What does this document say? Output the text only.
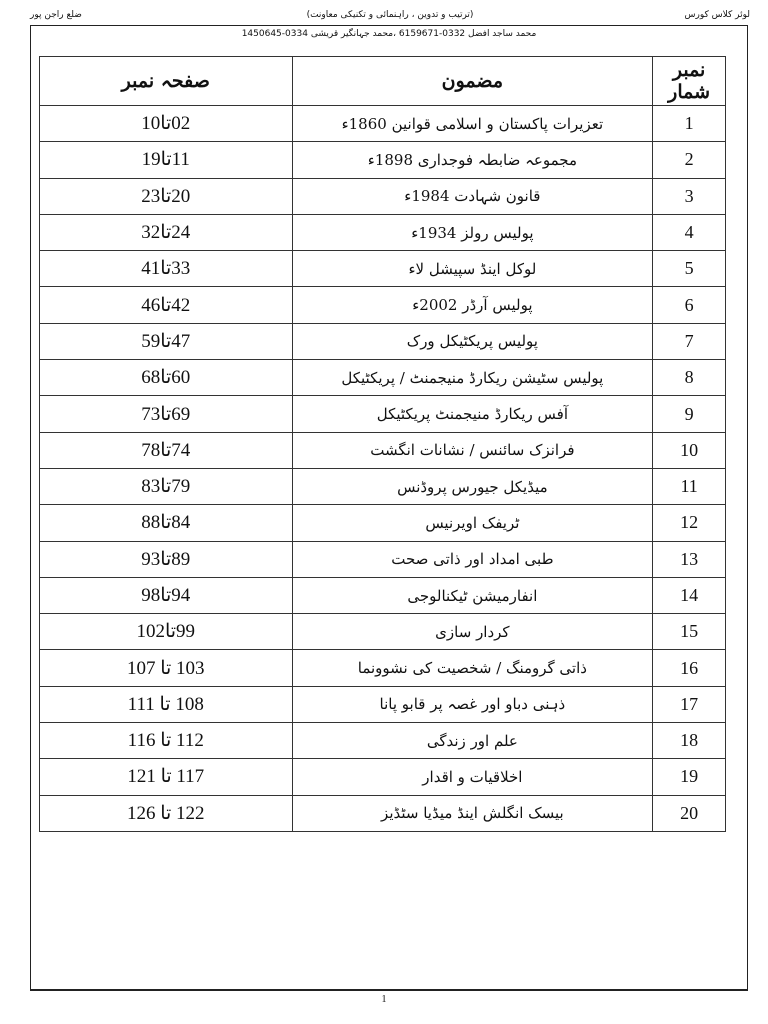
لوئر کلاس کورس
(ترتیب و تدوین ، راہنمائی و تکنیکی معاونت)
ضلع راجن پور
محمد ساجد افضل 0332-6159671 ،محمد جہانگیر قریشی 0334-1450645
نمبر شمار	مضمون	صفحہ نمبر
1	تعزیرات پاکستان و اسلامی قوانین 1860ء	02تا10
2	مجموعہ ضابطہ فوجداری 1898ء	11تا19
3	قانون شہادت 1984ء	20تا23
4	پولیس رولز 1934ء	24تا32
5	لوکل اینڈ سپیشل لاء	33تا41
6	پولیس آرڈر 2002ء	42تا46
7	پولیس پریکٹیکل ورک	47تا59
8	پولیس سٹیشن ریکارڈ منیجمنٹ / پریکٹیکل	60تا68
9	آفس ریکارڈ منیجمنٹ پریکٹیکل	69تا73
10	فرانزک سائنس / نشانات انگشت	74تا78
11	میڈیکل جیورس پروڈنس	79تا83
12	ٹریفک اویرنیس	84تا88
13	طبی امداد اور ذاتی صحت	89تا93
14	انفارمیشن ٹیکنالوجی	94تا98
15	کردار سازی	99تا102
16	ذاتی گرومنگ / شخصیت کی نشوونما	103 تا 107
17	ذہنی دباو اور غصہ پر قابو پانا	108 تا 111
18	علم اور زندگی	112 تا 116
19	اخلاقیات و اقدار	117 تا 121
20	بیسک انگلش اینڈ میڈیا سٹڈیز	122 تا 126
1
